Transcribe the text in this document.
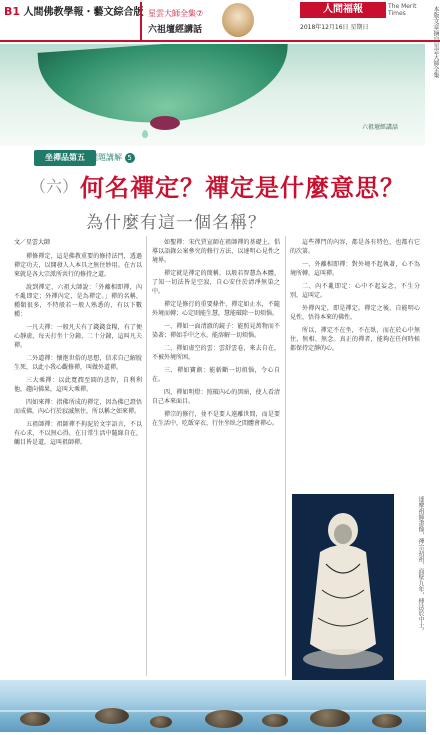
B1 人間佛教學報・藝文綜合版 星雲大師全集⑦
六祖壇經講話
人間福報	The Merit Times
2018年12月16日 星期日	本版文章摘自星雲大師全集
六祖壇經講話
坐禪品第五 問題講解 5
（六）何名禪定？禪定是什麼意思？
為什麼有這一個名稱？
文／星雲大師

禪修禪定，這是佛教重要的修持法門，透過禪定功夫，以開發人人本具之無住妙用。在古以來就是各大宗派所共行的修持之道。

說到禪定，六祖大師說：「外離相即禪，內不亂即定；外禪內定，是為禪定。」禪的名稱，種類很多，不特般若一般人熟悉的，有以下數種：

一凡夫禪：一般凡夫有了錢錢食糧，有了便心靜虛，每天打坐十分鐘、二十分鐘，這叫凡夫禪。

二外道禪：懷抱世俗的思想，信求自己解脫生死，以此小我心觀修禪，叫做外道禪。

三大乘禪：以此寬潤至圓的悲智，自利利他，趨向佛果，這叫大乘禪。

四如來禪：指佛所成的禪定，因為佛已證悟而成佛，內心行於寂滅無住，所以稱之如來禪。

五祖師禪：祖師禪不拘泥於文字語言，不以有心求，不以無心得，在日常生活中隨緣自在，觸目皆是道，這叫祖師禪。

如聖禪：宋代賈宣師在祖師禪的基礎上，倡導以語錄公案參究的修行方法，以達明心見性之境界。

禪定就是禪定的簡稱，以般若智慧為本體，了知一切法皆是空寂，自心安住於清淨無染之中。

禪定是修行的重要條件，禪定如止水，不隨外境而轉；心定則能生慧，慧能破除一切煩惱。

一、禪如一面清澈的鏡子：能照見萬物而不染著；禪如手中之水，能溶解一切煩惱。

二、禪如虛空的雲：雲舒雲卷，來去自在，不被外境所困。

三、禪如寶劍：能斬斷一切煩惱，令心自在。

四、禪如明燈：照破內心的黑暗，使人看清自己本來面目。

禪宗的修行，並不是要人遠離世間，而是要在生活中，吃飯穿衣、行住坐臥之間體會禪心。

這些禪門的內容，都是各有特色，也都有它的次第。

一、外離相即禪：對外境不起執著，心不為境所轉，這叫禪。

二、內不亂即定：心中不起妄念，不生分別，這叫定。

外禪內定，即是禪定。禪定之後，自能明心見性，悟得本來的佛性。

所以，禪定不在坐，不在臥，而在於心中無住、無相、無念。真正的禪者，能夠在任何時候都保持定靜的心。

達摩祖師畫像，禪宗初祖，面壁九年，傳法於中土。
